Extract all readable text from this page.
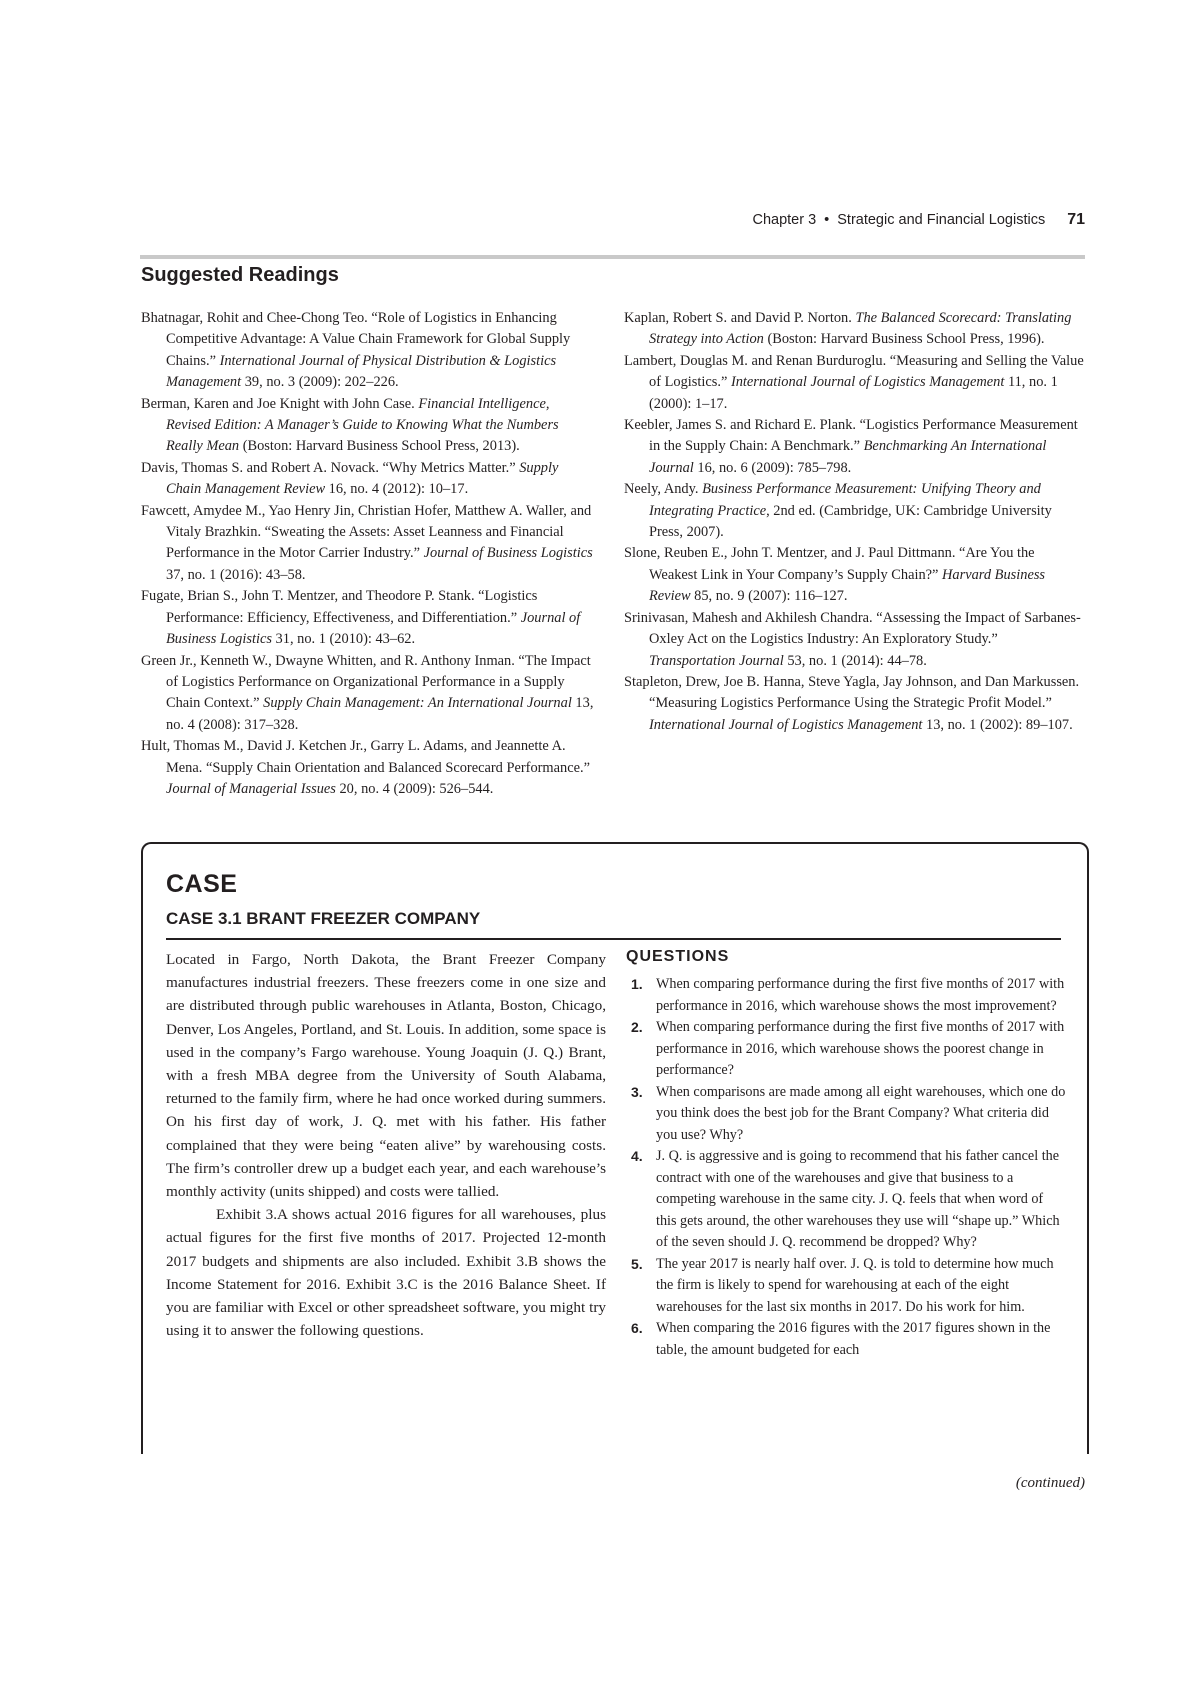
Chapter 3 • Strategic and Financial Logistics 71
Suggested Readings
Bhatnagar, Rohit and Chee-Chong Teo. “Role of Logistics in Enhancing Competitive Advantage: A Value Chain Framework for Global Supply Chains.” International Journal of Physical Distribution & Logistics Management 39, no. 3 (2009): 202–226.
Berman, Karen and Joe Knight with John Case. Financial Intelligence, Revised Edition: A Manager’s Guide to Knowing What the Numbers Really Mean (Boston: Harvard Business School Press, 2013).
Davis, Thomas S. and Robert A. Novack. “Why Metrics Matter.” Supply Chain Management Review 16, no. 4 (2012): 10–17.
Fawcett, Amydee M., Yao Henry Jin, Christian Hofer, Matthew A. Waller, and Vitaly Brazhkin. “Sweating the Assets: Asset Leanness and Financial Performance in the Motor Carrier Industry.” Journal of Business Logistics 37, no. 1 (2016): 43–58.
Fugate, Brian S., John T. Mentzer, and Theodore P. Stank. “Logistics Performance: Efficiency, Effectiveness, and Differentiation.” Journal of Business Logistics 31, no. 1 (2010): 43–62.
Green Jr., Kenneth W., Dwayne Whitten, and R. Anthony Inman. “The Impact of Logistics Performance on Organizational Performance in a Supply Chain Context.” Supply Chain Management: An International Journal 13, no. 4 (2008): 317–328.
Hult, Thomas M., David J. Ketchen Jr., Garry L. Adams, and Jeannette A. Mena. “Supply Chain Orientation and Balanced Scorecard Performance.” Journal of Managerial Issues 20, no. 4 (2009): 526–544.
Kaplan, Robert S. and David P. Norton. The Balanced Scorecard: Translating Strategy into Action (Boston: Harvard Business School Press, 1996).
Lambert, Douglas M. and Renan Burduroglu. “Measuring and Selling the Value of Logistics.” International Journal of Logistics Management 11, no. 1 (2000): 1–17.
Keebler, James S. and Richard E. Plank. “Logistics Performance Measurement in the Supply Chain: A Benchmark.” Benchmarking An International Journal 16, no. 6 (2009): 785–798.
Neely, Andy. Business Performance Measurement: Unifying Theory and Integrating Practice, 2nd ed. (Cambridge, UK: Cambridge University Press, 2007).
Slone, Reuben E., John T. Mentzer, and J. Paul Dittmann. “Are You the Weakest Link in Your Company’s Supply Chain?” Harvard Business Review 85, no. 9 (2007): 116–127.
Srinivasan, Mahesh and Akhilesh Chandra. “Assessing the Impact of Sarbanes-Oxley Act on the Logistics Industry: An Exploratory Study.” Transportation Journal 53, no. 1 (2014): 44–78.
Stapleton, Drew, Joe B. Hanna, Steve Yagla, Jay Johnson, and Dan Markussen. “Measuring Logistics Performance Using the Strategic Profit Model.” International Journal of Logistics Management 13, no. 1 (2002): 89–107.
CASE
CASE 3.1 BRANT FREEZER COMPANY

Located in Fargo, North Dakota, the Brant Freezer Company manufactures industrial freezers. These freezers come in one size and are distributed through public warehouses in Atlanta, Boston, Chicago, Denver, Los Angeles, Portland, and St. Louis. In addition, some space is used in the company’s Fargo warehouse. Young Joaquin (J. Q.) Brant, with a fresh MBA degree from the University of South Alabama, returned to the family firm, where he had once worked during summers. On his first day of work, J. Q. met with his father. His father complained that they were being “eaten alive” by warehousing costs. The firm’s controller drew up a budget each year, and each warehouse’s monthly activity (units shipped) and costs were tallied.

Exhibit 3.A shows actual 2016 figures for all warehouses, plus actual figures for the first five months of 2017. Projected 12-month 2017 budgets and shipments are also included. Exhibit 3.B shows the Income Statement for 2016. Exhibit 3.C is the 2016 Balance Sheet. If you are familiar with Excel or other spreadsheet software, you might try using it to answer the following questions.

QUESTIONS
1. When comparing performance during the first five months of 2017 with performance in 2016, which warehouse shows the most improvement?
2. When comparing performance during the first five months of 2017 with performance in 2016, which warehouse shows the poorest change in performance?
3. When comparisons are made among all eight warehouses, which one do you think does the best job for the Brant Company? What criteria did you use? Why?
4. J. Q. is aggressive and is going to recommend that his father cancel the contract with one of the warehouses and give that business to a competing warehouse in the same city. J. Q. feels that when word of this gets around, the other warehouses they use will “shape up.” Which of the seven should J. Q. recommend be dropped? Why?
5. The year 2017 is nearly half over. J. Q. is told to determine how much the firm is likely to spend for warehousing at each of the eight warehouses for the last six months in 2017. Do his work for him.
6. When comparing the 2016 figures with the 2017 figures shown in the table, the amount budgeted for each
(continued)
